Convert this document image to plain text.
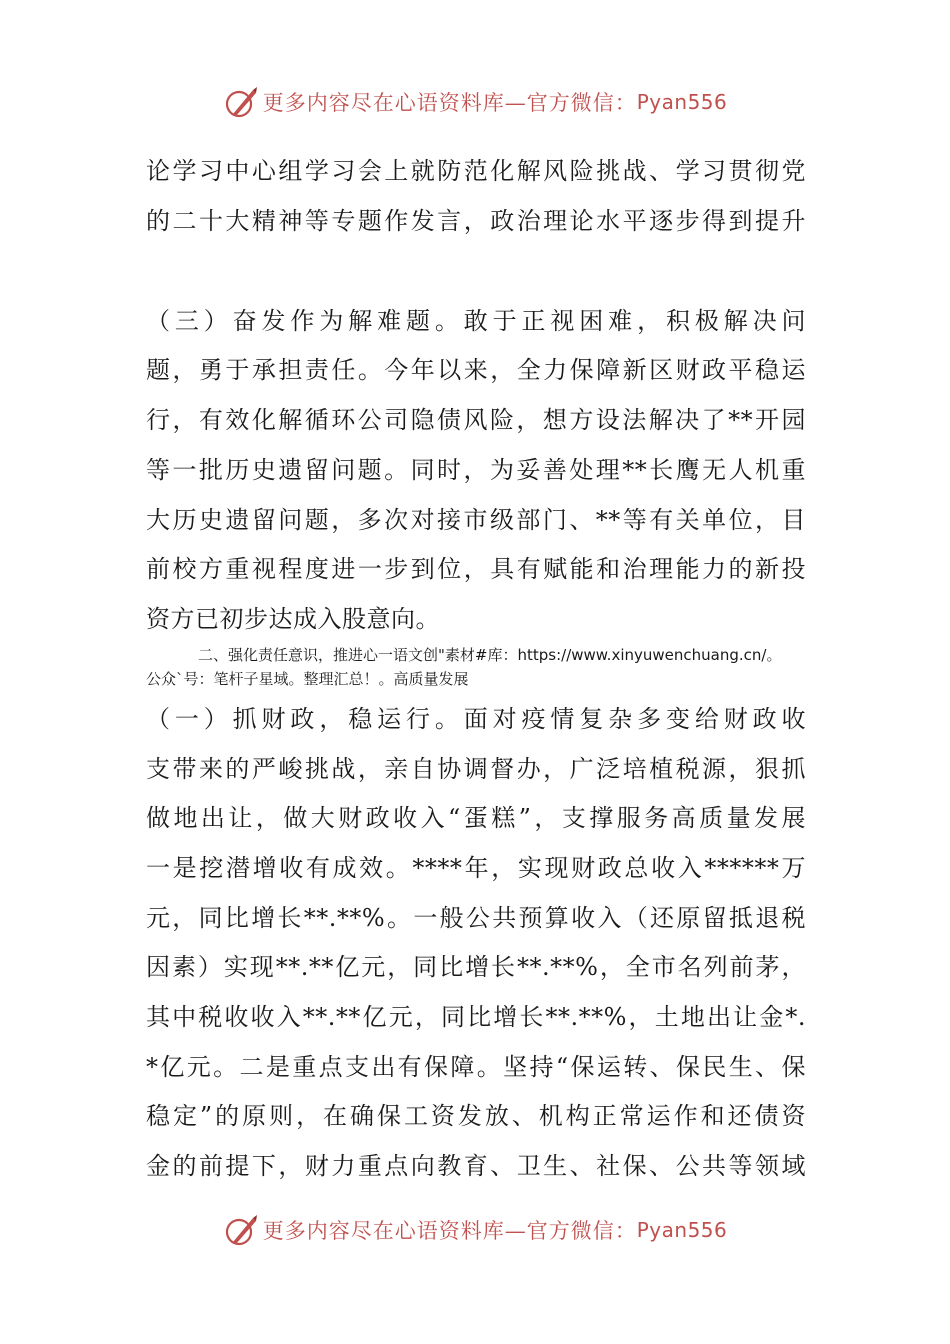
更多内容尽在心语资料库—官方微信： Pyan556
论学习中心组学习会上就防范化解风险挑战、学习贯彻党
的二十大精神等专题作发言，政治理论水平逐步得到提升
（三）奋发作为解难题。敢于正视困难，积极解决问
题，勇于承担责任。今年以来，全力保障新区财政平稳运
行，有效化解循环公司隐债风险，想方设法解决了**开园
等一批历史遗留问题。同时，为妥善处理**长鹰无人机重
大历史遗留问题，多次对接市级部门、**等有关单位，目
前校方重视程度进一步到位，具有赋能和治理能力的新投
资方已初步达成入股意向。
二、强化责任意识，推进心一语文创"素材#库：https://www.xinyuwenchuang.cn/。
公众`号：笔杆子星域。整理汇总！。高质量发展
（一）抓财政，稳运行。面对疫情复杂多变给财政收
支带来的严峻挑战，亲自协调督办，广泛培植税源，狠抓
做地出让，做大财政收入“蛋糕”，支撑服务高质量发展
一是挖潜增收有成效。****年，实现财政总收入******万
元，同比增长**.**%。一般公共预算收入（还原留抵退税
因素）实现**.**亿元，同比增长**.**%，全市名列前茅，
其中税收收入**.**亿元，同比增长**.**%，土地出让金*.
*亿元。二是重点支出有保障。坚持“保运转、保民生、保
稳定”的原则，在确保工资发放、机构正常运作和还债资
金的前提下，财力重点向教育、卫生、社保、公共等领域
更多内容尽在心语资料库—官方微信： Pyan556
